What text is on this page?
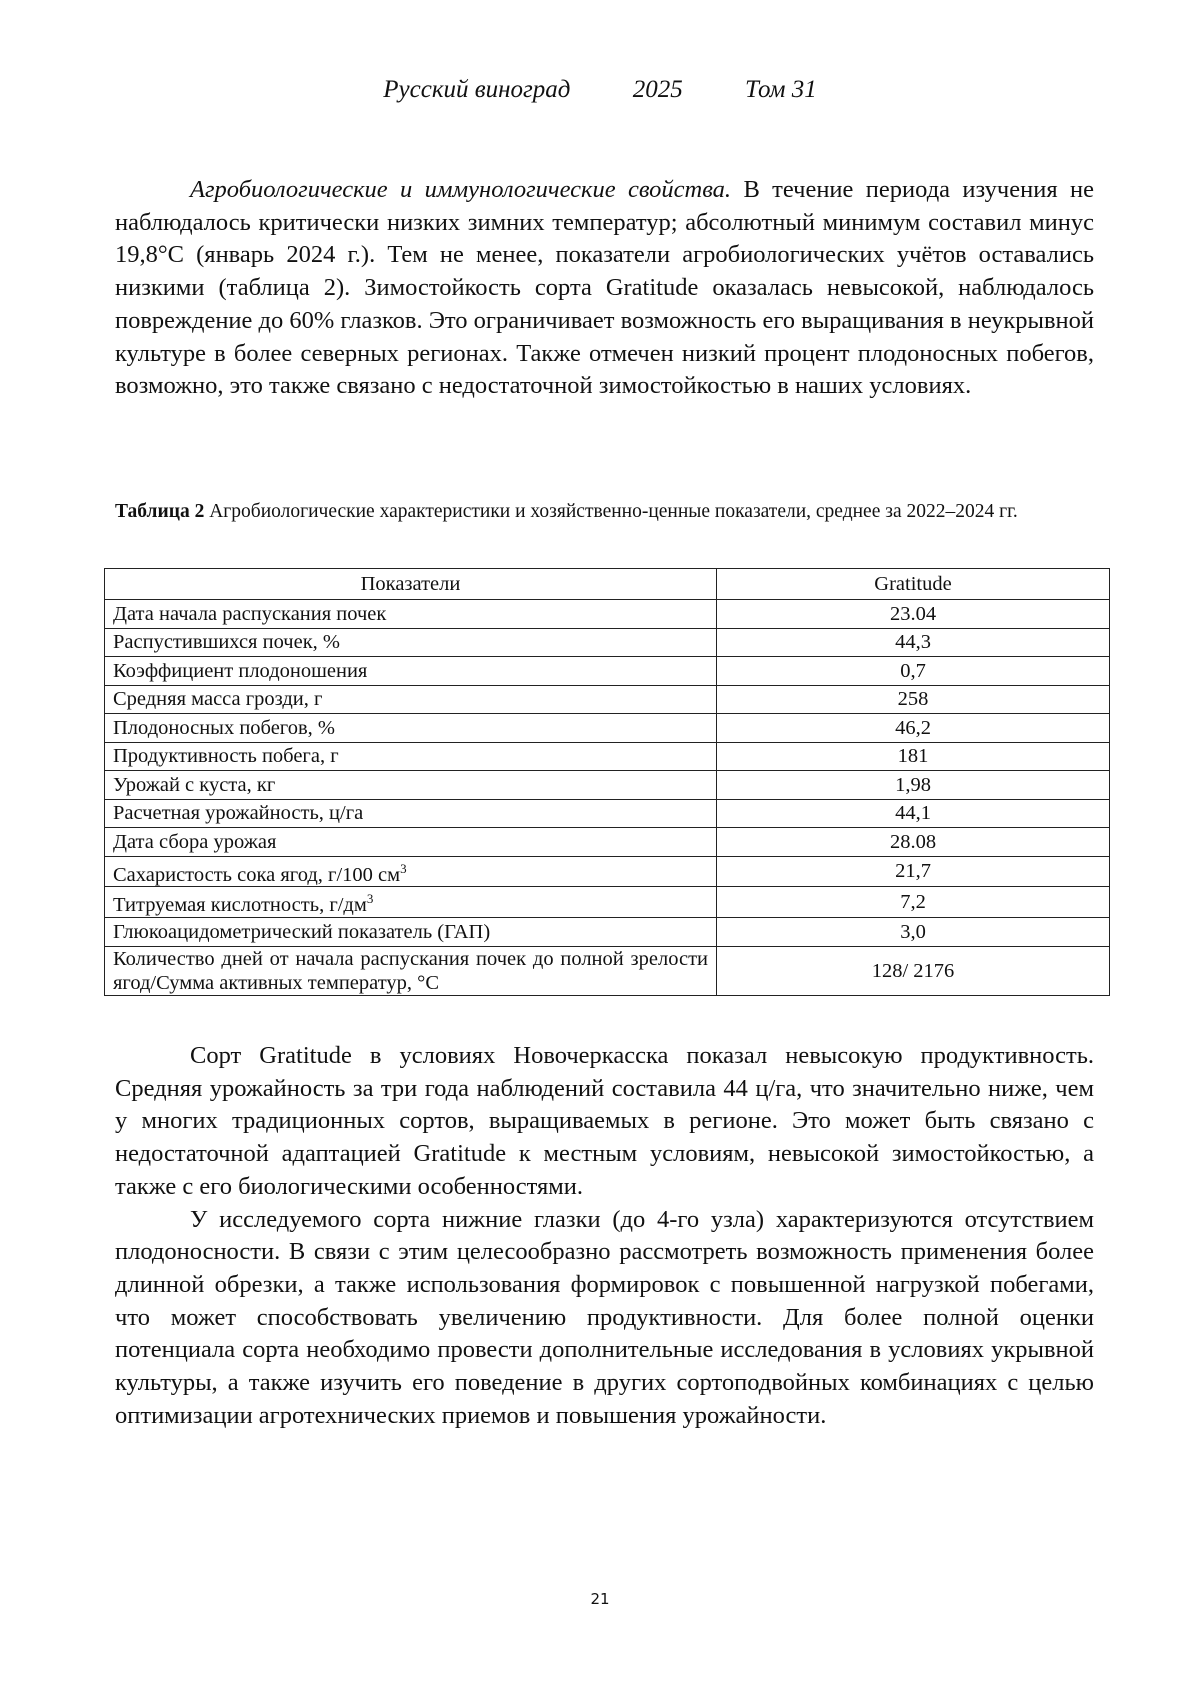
Русский виноград 2025 Том 31

Агробиологические и иммунологические свойства. В течение периода изучения не наблюдалось критически низких зимних температур; абсолютный минимум составил минус 19,8°С (январь 2024 г.). Тем не менее, показатели агробиологических учётов оставались низкими (таблица 2). Зимостойкость сорта Gratitude оказалась невысокой, наблюдалось повреждение до 60% глазков. Это ограничивает возможность его выращивания в неукрывной культуре в более северных регионах. Также отмечен низкий процент плодоносных побегов, возможно, это также связано с недостаточной зимостойкостью в наших условиях.

Таблица 2 Агробиологические характеристики и хозяйственно-ценные показатели, среднее за 2022–2024 гг.
Показатели	Gratitude
Дата начала распускания почек	23.04
Распустившихся почек, %	44,3
Коэффициент плодоношения	0,7
Средняя масса грозди, г	258
Плодоносных побегов, %	46,2
Продуктивность побега, г	181
Урожай с куста, кг	1,98
Расчетная урожайность, ц/га	44,1
Дата сбора урожая	28.08
Сахаристость сока ягод, г/100 $см^3$	21,7
Титруемая кислотность, $г/дм^3$	7,2
Глюкоацидометрический показатель (ГАП)	3,0
Количество дней от начала распускания почек до полной зрелости ягод/Сумма активных температур, °С	128/ 2176

Сорт Gratitude в условиях Новочеркасска показал невысокую продуктивность. Средняя урожайность за три года наблюдений составила 44 ц/га, что значительно ниже, чем у многих традиционных сортов, выращиваемых в регионе. Это может быть связано с недостаточной адаптацией Gratitude к местным условиям, невысокой зимостойкостью, а также с его биологическими особенностями.

У исследуемого сорта нижние глазки (до 4-го узла) характеризуются отсутствием плодоносности. В связи с этим целесообразно рассмотреть возможность применения более длинной обрезки, а также использования формировок с повышенной нагрузкой побегами, что может способствовать увеличению продуктивности. Для более полной оценки потенциала сорта необходимо провести дополнительные исследования в условиях укрывной культуры, а также изучить его поведение в других сортоподвойных комбинациях с целью оптимизации агротехнических приемов и повышения урожайности.

21
